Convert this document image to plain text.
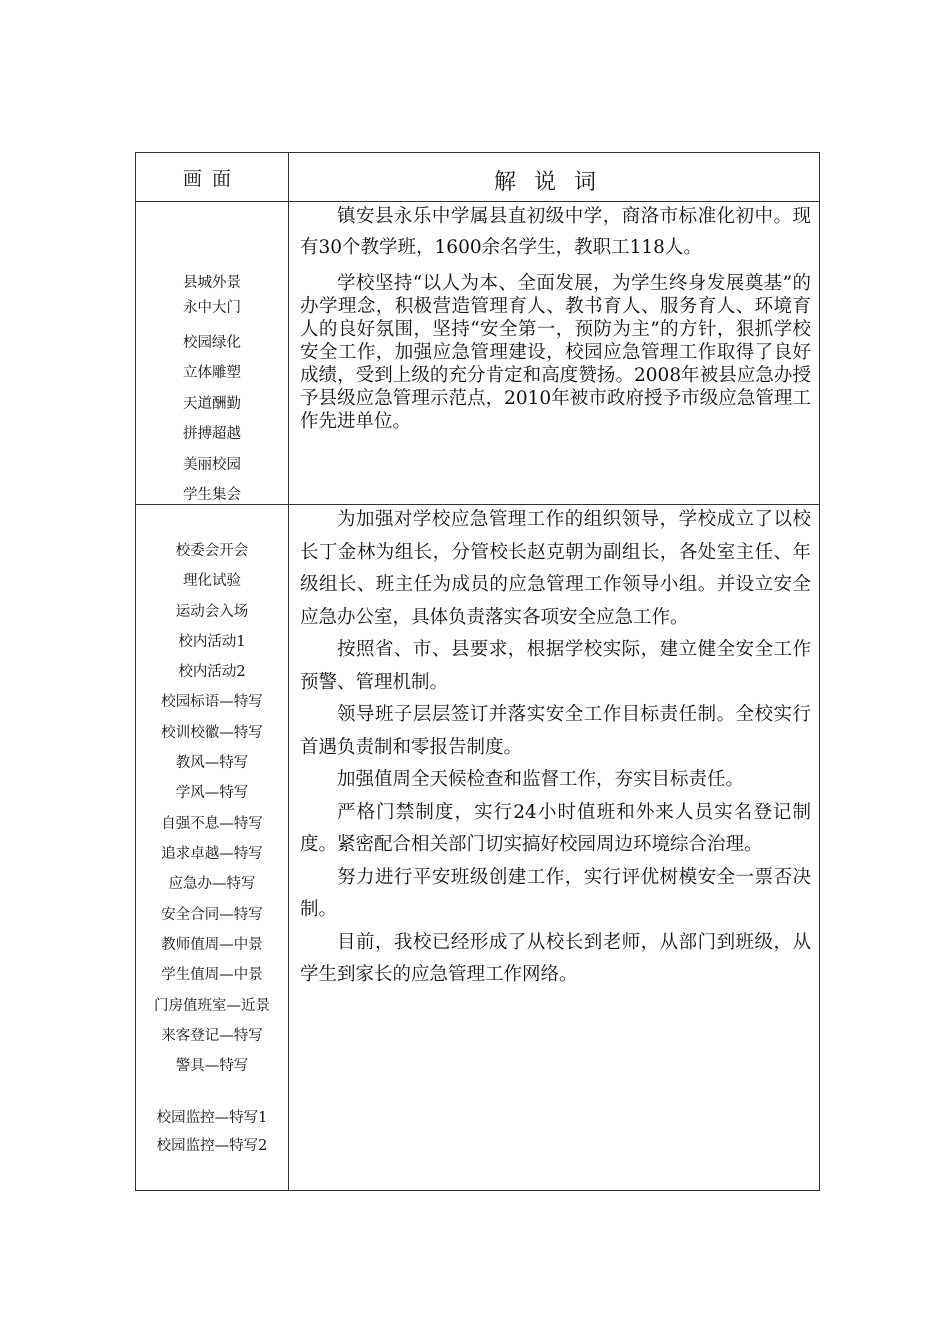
画面	解说词
县城外景
永中大门
校园绿化
立体雕塑
天道酬勤
拼搏超越
美丽校园
学生集会

镇安县永乐中学属县直初级中学，商洛市标准化初中。现有30个教学班，1600余名学生，教职工118人。

学校坚持“以人为本、全面发展，为学生终身发展奠基”的办学理念，积极营造管理育人、教书育人、服务育人、环境育人的良好氛围，坚持“安全第一，预防为主”的方针，狠抓学校安全工作，加强应急管理建设，校园应急管理工作取得了良好成绩，受到上级的充分肯定和高度赞扬。2008年被县应急办授予县级应急管理示范点，2010年被市政府授予市级应急管理工作先进单位。

校委会开会
理化试验
运动会入场
校内活动1
校内活动2
校园标语—特写
校训校徽—特写
教风—特写
学风—特写
自强不息—特写
追求卓越—特写
应急办—特写
安全合同—特写
教师值周—中景
学生值周—中景
门房值班室—近景
来客登记—特写
警具—特写
校园监控—特写1
校园监控—特写2

为加强对学校应急管理工作的组织领导，学校成立了以校长丁金林为组长，分管校长赵克朝为副组长，各处室主任、年级组长、班主任为成员的应急管理工作领导小组。并设立安全应急办公室，具体负责落实各项安全应急工作。

按照省、市、县要求，根据学校实际，建立健全安全工作预警、管理机制。

领导班子层层签订并落实安全工作目标责任制。全校实行首遇负责制和零报告制度。

加强值周全天候检查和监督工作，夯实目标责任。

严格门禁制度，实行24小时值班和外来人员实名登记制度。紧密配合相关部门切实搞好校园周边环境综合治理。

努力进行平安班级创建工作，实行评优树模安全一票否决制。

目前，我校已经形成了从校长到老师，从部门到班级，从学生到家长的应急管理工作网络。
